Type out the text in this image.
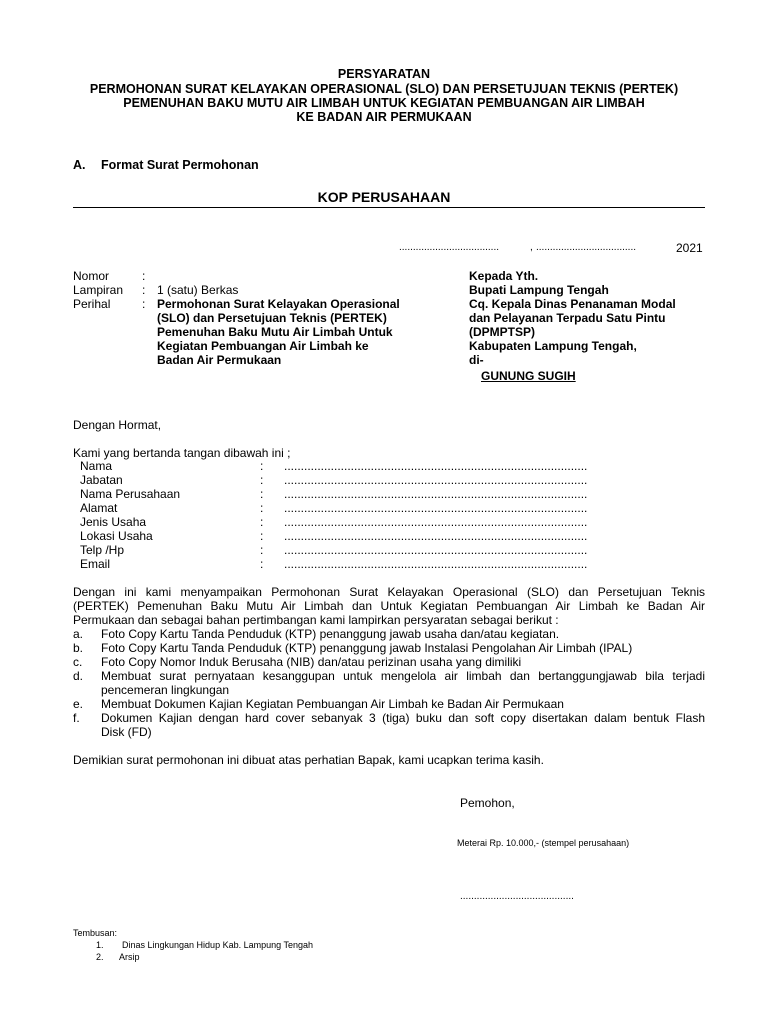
PERSYARATAN
PERMOHONAN SURAT KELAYAKAN OPERASIONAL (SLO) DAN PERSETUJUAN TEKNIS (PERTEK)
PEMENUHAN BAKU MUTU AIR LIMBAH UNTUK KEGIATAN PEMBUANGAN AIR LIMBAH
KE BADAN AIR PERMUKAAN
A. Format Surat Permohonan
KOP PERUSAHAAN
....................................	, ....................................	2021
Nomor	:
Lampiran : 1 (satu) Berkas
Perihal	: Permohonan Surat Kelayakan Operasional
(SLO) dan Persetujuan Teknis (PERTEK)
Pemenuhan Baku Mutu Air Limbah Untuk
Kegiatan Pembuangan Air Limbah ke
Badan Air Permukaan
Kepada Yth.
Bupati Lampung Tengah
Cq. Kepala Dinas Penanaman Modal
dan Pelayanan Terpadu Satu Pintu
(DPMPTSP)
Kabupaten Lampung Tengah,
di-
GUNUNG SUGIH
Dengan Hormat,
Kami yang bertanda tangan dibawah ini ;
Nama	: ...........................................................................................
Jabatan	: ...........................................................................................
Nama Perusahaan	: ...........................................................................................
Alamat	: ...........................................................................................
Jenis Usaha	: ...........................................................................................
Lokasi Usaha	: ...........................................................................................
Telp /Hp	: ...........................................................................................
Email	: ...........................................................................................
Dengan ini kami menyampaikan Permohonan Surat Kelayakan Operasional (SLO) dan Persetujuan Teknis
(PERTEK) Pemenuhan Baku Mutu Air Limbah dan Untuk Kegiatan Pembuangan Air Limbah ke Badan Air
Permukaan dan sebagai bahan pertimbangan kami lampirkan persyaratan sebagai berikut :
a. Foto Copy Kartu Tanda Penduduk (KTP) penanggung jawab usaha dan/atau kegiatan.
b. Foto Copy Kartu Tanda Penduduk (KTP) penanggung jawab Instalasi Pengolahan Air Limbah (IPAL)
c. Foto Copy Nomor Induk Berusaha (NIB) dan/atau perizinan usaha yang dimiliki
d. Membuat surat pernyataan kesanggupan untuk mengelola air limbah dan bertanggungjawab bila terjadi
pencemeran lingkungan
e. Membuat Dokumen Kajian Kegiatan Pembuangan Air Limbah ke Badan Air Permukaan
f. Dokumen Kajian dengan hard cover sebanyak 3 (tiga) buku dan soft copy disertakan dalam bentuk Flash
Disk (FD)
Demikian surat permohonan ini dibuat atas perhatian Bapak, kami ucapkan terima kasih.
Pemohon,
Meterai Rp. 10.000,- (stempel perusahaan)
.........................................
Tembusan:
1. Dinas Lingkungan Hidup Kab. Lampung Tengah
2. Arsip
